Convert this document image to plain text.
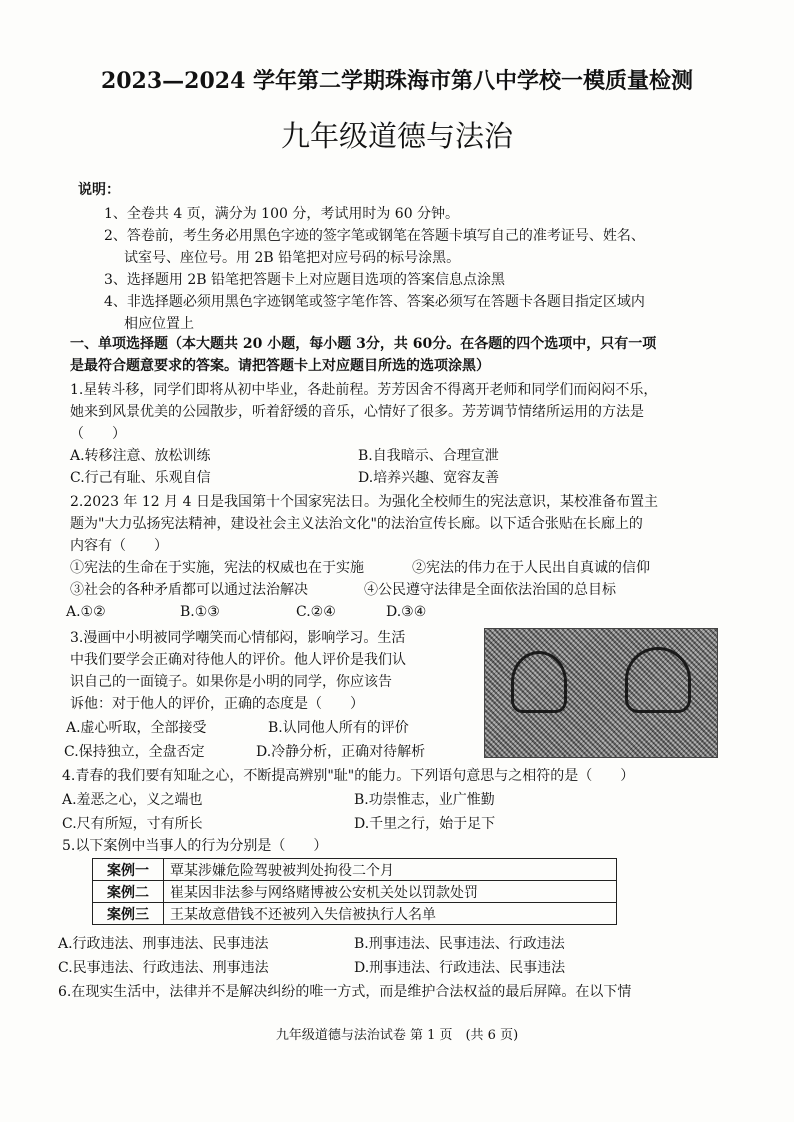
2023—2024 学年第二学期珠海市第八中学校一模质量检测
九年级道德与法治
说明：
1、全卷共 4 页，满分为 100 分，考试用时为 60 分钟。
2、答卷前，考生务必用黑色字迹的签字笔或钢笔在答题卡填写自己的准考证号、姓名、
试室号、座位号。用 2B 铅笔把对应号码的标号涂黑。
3、选择题用 2B 铅笔把答题卡上对应题目选项的答案信息点涂黑
4、非选择题必须用黑色字迹钢笔或签字笔作答、答案必须写在答题卡各题目指定区域内
相应位置上
一、单项选择题（本大题共 20 小题，每小题 3分，共 60分。在各题的四个选项中，只有一项
是最符合题意要求的答案。请把答题卡上对应题目所选的选项涂黑）
1.星转斗移，同学们即将从初中毕业，各赴前程。芳芳因舍不得离开老师和同学们而闷闷不乐，
她来到风景优美的公园散步，听着舒缓的音乐，心情好了很多。芳芳调节情绪所运用的方法是
（　　）
A.转移注意、放松训练	B.自我暗示、合理宣泄
C.行己有耻、乐观自信	D.培养兴趣、宽容友善
2.2023 年 12 月 4 日是我国第十个国家宪法日。为强化全校师生的宪法意识，某校准备布置主
题为"大力弘扬宪法精神，建设社会主义法治文化"的法治宣传长廊。以下适合张贴在长廊上的
内容有（　　）
①宪法的生命在于实施，宪法的权威也在于实施	②宪法的伟力在于人民出自真诚的信仰
③社会的各种矛盾都可以通过法治解决	④公民遵守法律是全面依法治国的总目标
A.①②	B.①③	C.②④	D.③④
3.漫画中小明被同学嘲笑而心情郁闷，影响学习。生活
中我们要学会正确对待他人的评价。他人评价是我们认
识自己的一面镜子。如果你是小明的同学，你应该告
诉他：对于他人的评价，正确的态度是（　　）
A.虚心听取，全部接受	B.认同他人所有的评价
C.保持独立，全盘否定	D.冷静分析，正确对待解析
4.青春的我们要有知耻之心，不断提高辨别"耻"的能力。下列语句意思与之相符的是（　　）
A.羞恶之心，义之端也	B.功崇惟志，业广惟勤
C.尺有所短，寸有所长	D.千里之行，始于足下
5.以下案例中当事人的行为分别是（　　）
案例一	覃某涉嫌危险驾驶被判处拘役二个月
案例二	崔某因非法参与网络赌博被公安机关处以罚款处罚
案例三	王某故意借钱不还被列入失信被执行人名单
A.行政违法、刑事违法、民事违法	B.刑事违法、民事违法、行政违法
C.民事违法、行政违法、刑事违法	D.刑事违法、行政违法、民事违法
6.在现实生活中，法律并不是解决纠纷的唯一方式，而是维护合法权益的最后屏障。在以下情
九年级道德与法治试卷 第 1 页　(共 6 页)
